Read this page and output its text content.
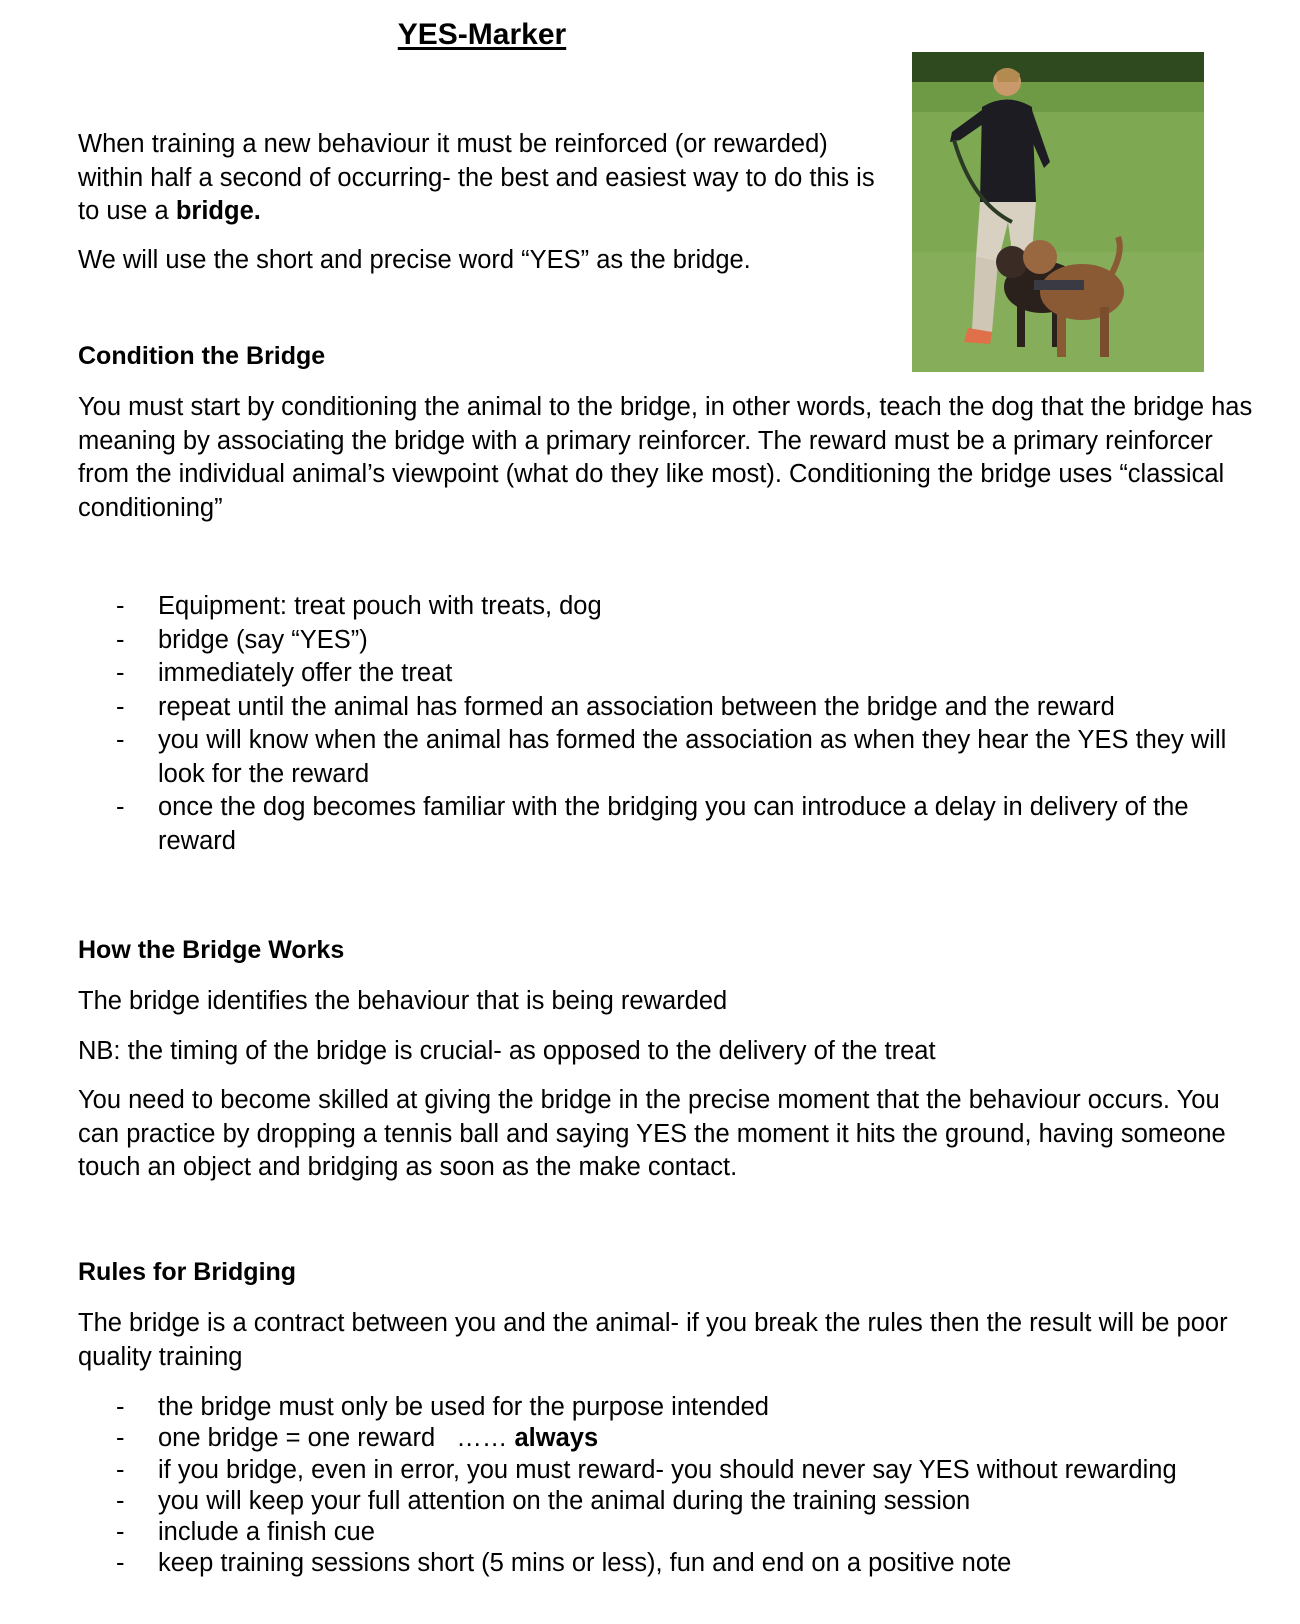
YES-Marker

When training a new behaviour it must be reinforced (or rewarded) within half a second of occurring- the best and easiest way to do this is to use a bridge.

We will use the short and precise word “YES” as the bridge.

Condition the Bridge

You must start by conditioning the animal to the bridge, in other words, teach the dog that the bridge has meaning by associating the bridge with a primary reinforcer. The reward must be a primary reinforcer from the individual animal’s viewpoint (what do they like most). Conditioning the bridge uses “classical conditioning”

- Equipment: treat pouch with treats, dog
- bridge (say “YES”)
- immediately offer the treat
- repeat until the animal has formed an association between the bridge and the reward
- you will know when the animal has formed the association as when they hear the YES they will look for the reward
- once the dog becomes familiar with the bridging you can introduce a delay in delivery of the reward
How the Bridge Works

The bridge identifies the behaviour that is being rewarded

NB: the timing of the bridge is crucial- as opposed to the delivery of the treat

You need to become skilled at giving the bridge in the precise moment that the behaviour occurs. You can practice by dropping a tennis ball and saying YES the moment it hits the ground, having someone touch an object and bridging as soon as the make contact.

Rules for Bridging

The bridge is a contract between you and the animal- if you break the rules then the result will be poor quality training

- the bridge must only be used for the purpose intended
- one bridge = one reward   …… always
- if you bridge, even in error, you must reward- you should never say YES without rewarding
- you will keep your full attention on the animal during the training session
- include a finish cue
- keep training sessions short (5 mins or less), fun and end on a positive note
